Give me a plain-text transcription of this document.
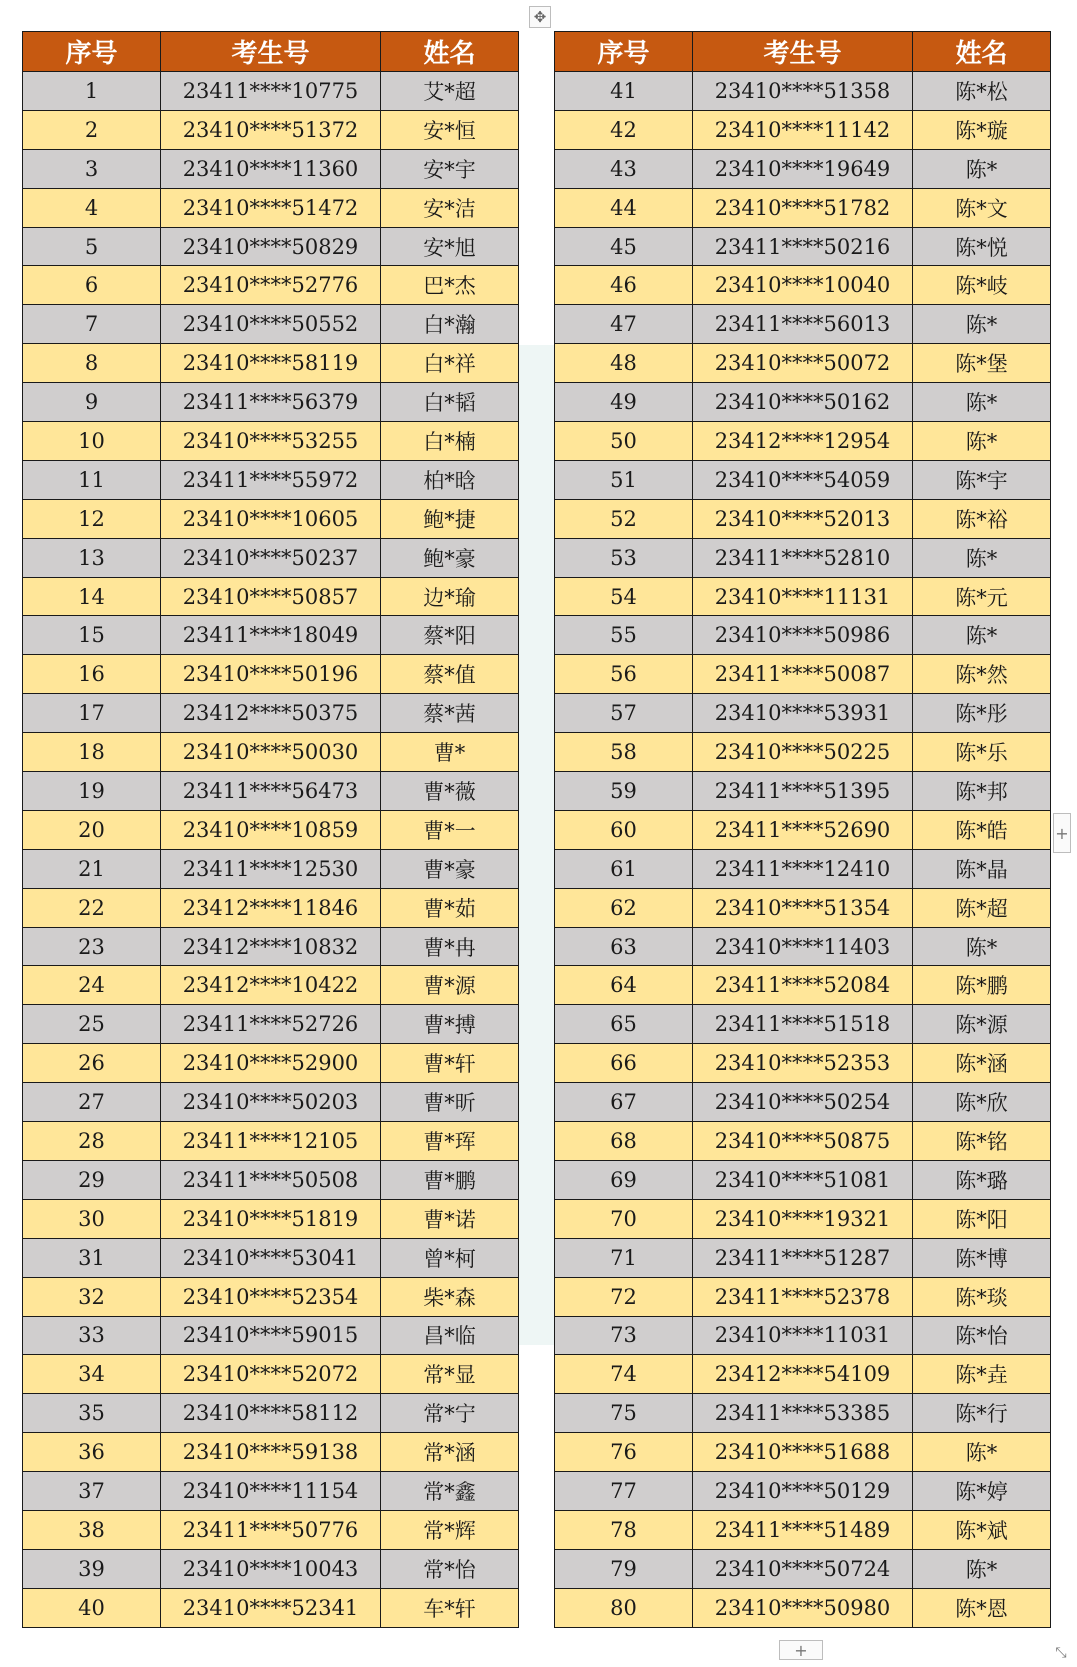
✥
序号	考生号	姓名
1	23411****10775	艾*超
2	23410****51372	安*恒
3	23410****11360	安*宇
4	23410****51472	安*洁
5	23410****50829	安*旭
6	23410****52776	巴*杰
7	23410****50552	白*瀚
8	23410****58119	白*祥
9	23411****56379	白*韬
10	23410****53255	白*楠
11	23411****55972	柏*晗
12	23410****10605	鲍*捷
13	23410****50237	鲍*豪
14	23410****50857	边*瑜
15	23411****18049	蔡*阳
16	23410****50196	蔡*值
17	23412****50375	蔡*茜
18	23410****50030	曹*
19	23411****56473	曹*薇
20	23410****10859	曹*一
21	23411****12530	曹*豪
22	23412****11846	曹*茹
23	23412****10832	曹*冉
24	23412****10422	曹*源
25	23411****52726	曹*搏
26	23410****52900	曹*轩
27	23410****50203	曹*昕
28	23411****12105	曹*珲
29	23411****50508	曹*鹏
30	23410****51819	曹*诺
31	23410****53041	曾*柯
32	23410****52354	柴*森
33	23410****59015	昌*临
34	23410****52072	常*显
35	23410****58112	常*宁
36	23410****59138	常*涵
37	23410****11154	常*鑫
38	23411****50776	常*辉
39	23410****10043	常*怡
40	23410****52341	车*轩
序号	考生号	姓名
41	23410****51358	陈*松
42	23410****11142	陈*璇
43	23410****19649	陈*
44	23410****51782	陈*文
45	23411****50216	陈*悦
46	23410****10040	陈*岐
47	23411****56013	陈*
48	23410****50072	陈*堡
49	23410****50162	陈*
50	23412****12954	陈*
51	23410****54059	陈*宇
52	23410****52013	陈*裕
53	23411****52810	陈*
54	23410****11131	陈*元
55	23410****50986	陈*
56	23411****50087	陈*然
57	23410****53931	陈*彤
58	23410****50225	陈*乐
59	23411****51395	陈*邦
60	23411****52690	陈*皓
61	23411****12410	陈*晶
62	23410****51354	陈*超
63	23410****11403	陈*
64	23411****52084	陈*鹏
65	23411****51518	陈*源
66	23410****52353	陈*涵
67	23410****50254	陈*欣
68	23410****50875	陈*铭
69	23410****51081	陈*璐
70	23410****19321	陈*阳
71	23411****51287	陈*博
72	23411****52378	陈*琰
73	23410****11031	陈*怡
74	23412****54109	陈*垚
75	23411****53385	陈*行
76	23410****51688	陈*
77	23410****50129	陈*婷
78	23411****51489	陈*斌
79	23410****50724	陈*
80	23410****50980	陈*恩
+
+	⤡
